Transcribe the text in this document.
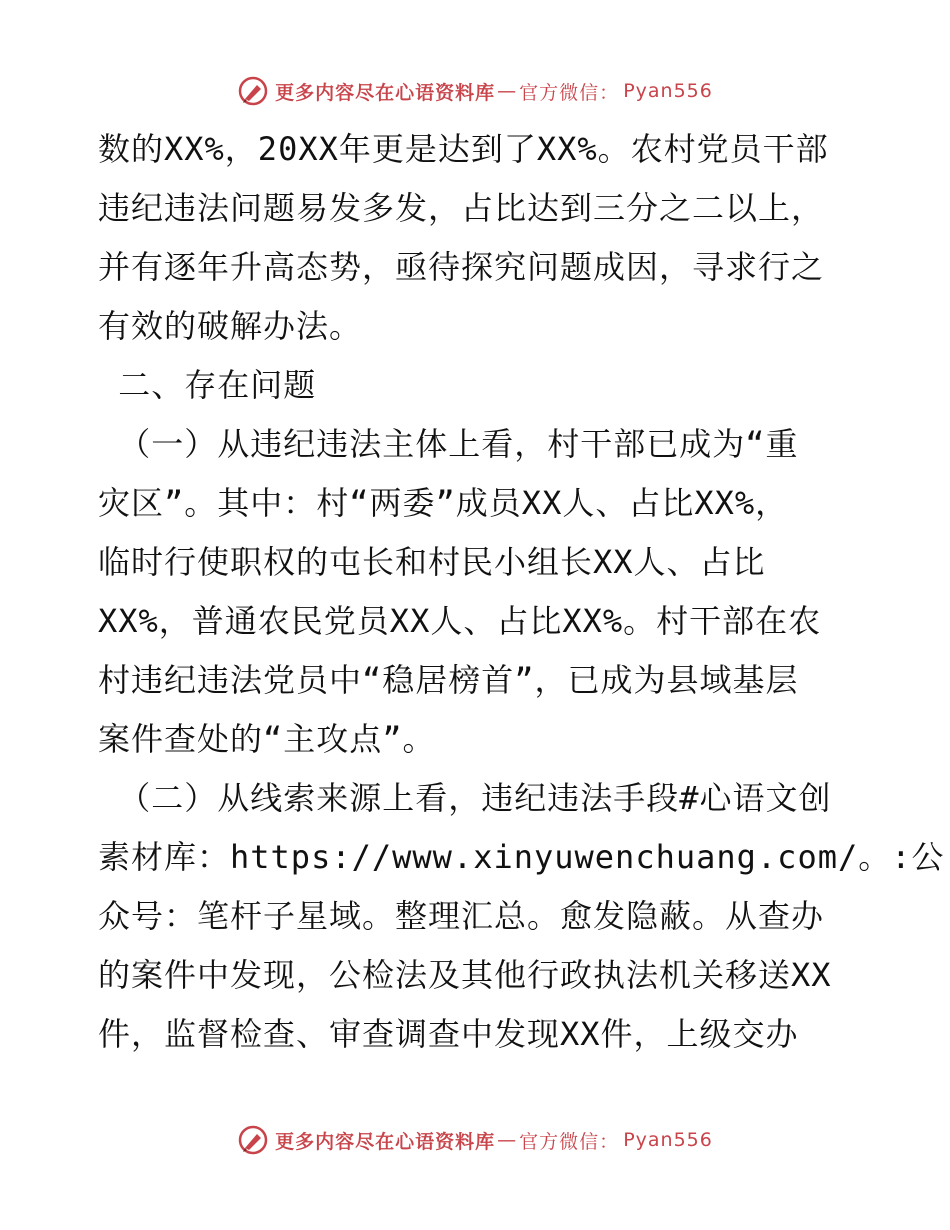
更多内容尽在心语资料库 — 官方微信： Pyan556
数的XX%，20XX年更是达到了XX%。农村党员干部
违纪违法问题易发多发，占比达到三分之二以上，
并有逐年升高态势，亟待探究问题成因，寻求行之
有效的破解办法。
二、存在问题
（一）从违纪违法主体上看，村干部已成为“重
灾区”。其中：村“两委”成员XX人、占比XX%，
临时行使职权的屯长和村民小组长XX人、占比
XX%，普通农民党员XX人、占比XX%。村干部在农
村违纪违法党员中“稳居榜首”，已成为县域基层
案件查处的“主攻点”。
（二）从线索来源上看，违纪违法手段#心语文创
素材库：https://www.xinyuwenchuang.com/。:公
众号：笔杆子星域。整理汇总。愈发隐蔽。从查办
的案件中发现，公检法及其他行政执法机关移送XX
件，监督检查、审查调查中发现XX件，上级交办
更多内容尽在心语资料库 — 官方微信： Pyan556
